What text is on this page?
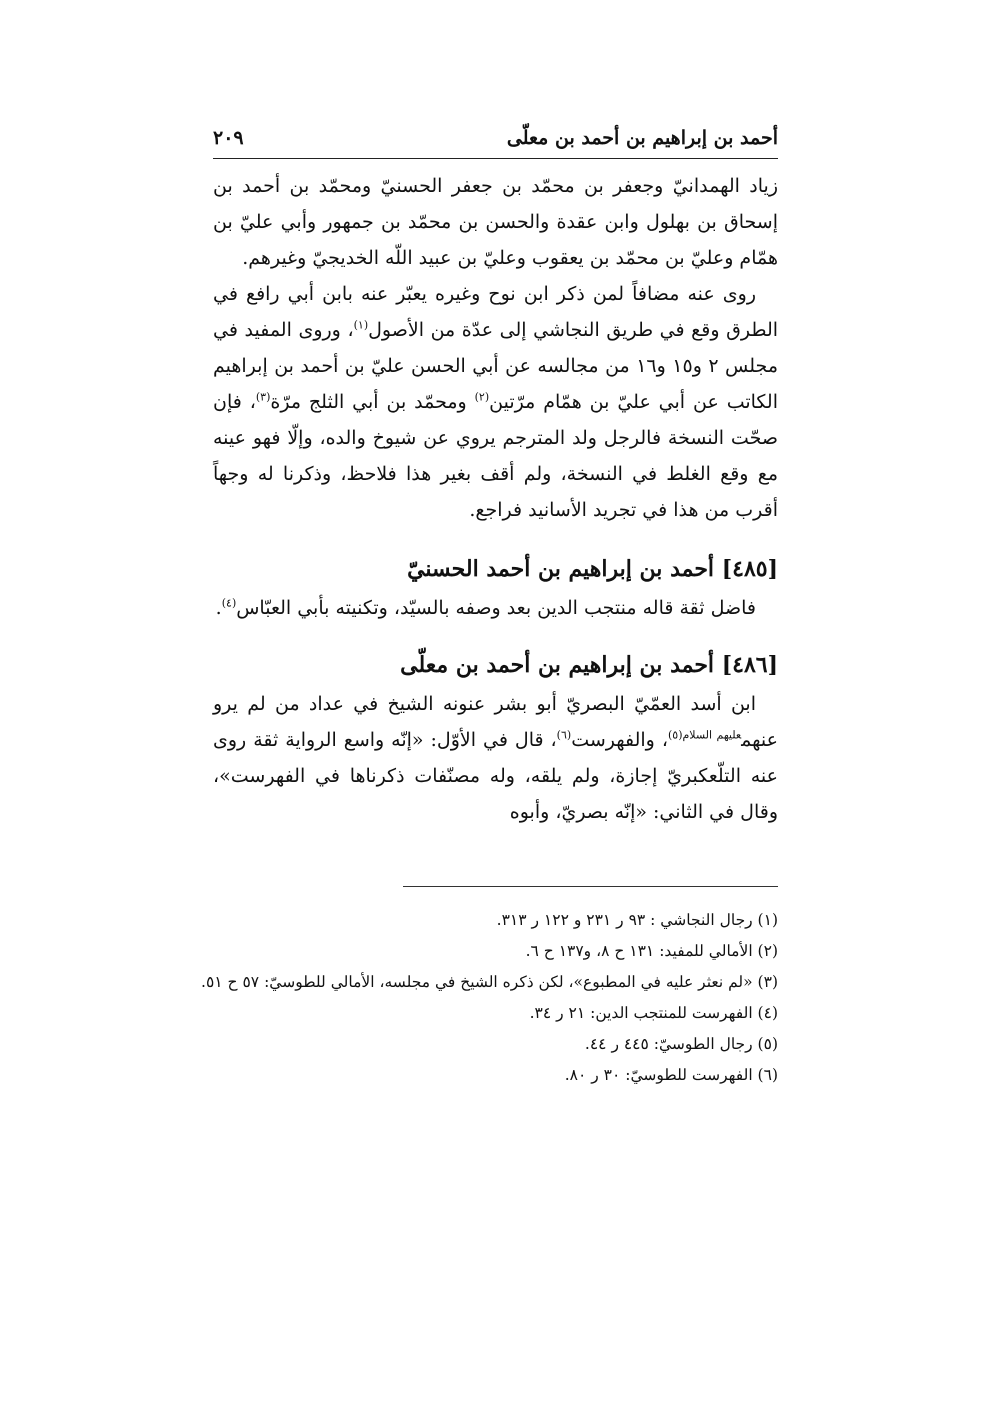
أحمد بن إبراهيم بن أحمد بن معلّى
٢٠٩

زياد الهمدانيّ وجعفر بن محمّد بن جعفر الحسنيّ ومحمّد بن أحمد بن إسحاق بن بهلول وابن عقدة والحسن بن محمّد بن جمهور وأبي عليّ بن همّام وعليّ بن محمّد بن يعقوب وعليّ بن عبيد اللّه الخديجيّ وغيرهم.

روى عنه مضافاً لمن ذكر ابن نوح وغيره يعبّر عنه بابن أبي رافع في الطرق وقع في طريق النجاشي إلى عدّة من الأصول$^{(١)}$، وروى المفيد في مجلس ٢ و١٥ و١٦ من مجالسه عن أبي الحسن عليّ بن أحمد بن إبراهيم الكاتب عن أبي عليّ بن همّام مرّتين$^{(٢)}$ ومحمّد بن أبي الثلج مرّة$^{(٣)}$، فإن صحّت النسخة فالرجل ولد المترجم يروي عن شيوخ والده، وإلّا فهو عينه مع وقع الغلط في النسخة، ولم أقف بغير هذا فلاحظ، وذكرنا له وجهاً أقرب من هذا في تجريد الأسانيد فراجع.

[٤٨٥] أحمد بن إبراهيم بن أحمد الحسنيّ

فاضل ثقة قاله منتجب الدين بعد وصفه بالسيّد، وتكنيته بأبي العبّاس$^{(٤)}$.

[٤٨٦] أحمد بن إبراهيم بن أحمد بن معلّى

ابن أسد العمّيّ البصريّ أبو بشر عنونه الشيخ في عداد من لم يرو عنهم$^{عليهم السلام(٥)}$، والفهرست$^{(٦)}$، قال في الأوّل: «إنّه واسع الرواية ثقة روى عنه التلّعكبريّ إجازة، ولم يلقه، وله مصنّفات ذكرناها في الفهرست»، وقال في الثاني: «إنّه بصريّ، وأبوه

(١) رجال النجاشي : ٩٣ ر ٢٣١ و ١٢٢ ر ٣١٣.
(٢) الأمالي للمفيد: ١٣١ ح ٨، و١٣٧ ح ٦.
(٣) «لم نعثر عليه في المطبوع»، لكن ذكره الشيخ في مجلسه، الأمالي للطوسيّ: ٥٧ ح ٥١.
(٤) الفهرست للمنتجب الدين: ٢١ ر ٣٤.
(٥) رجال الطوسيّ: ٤٤٥ ر ٤٤.
(٦) الفهرست للطوسيّ: ٣٠ ر ٨٠.
